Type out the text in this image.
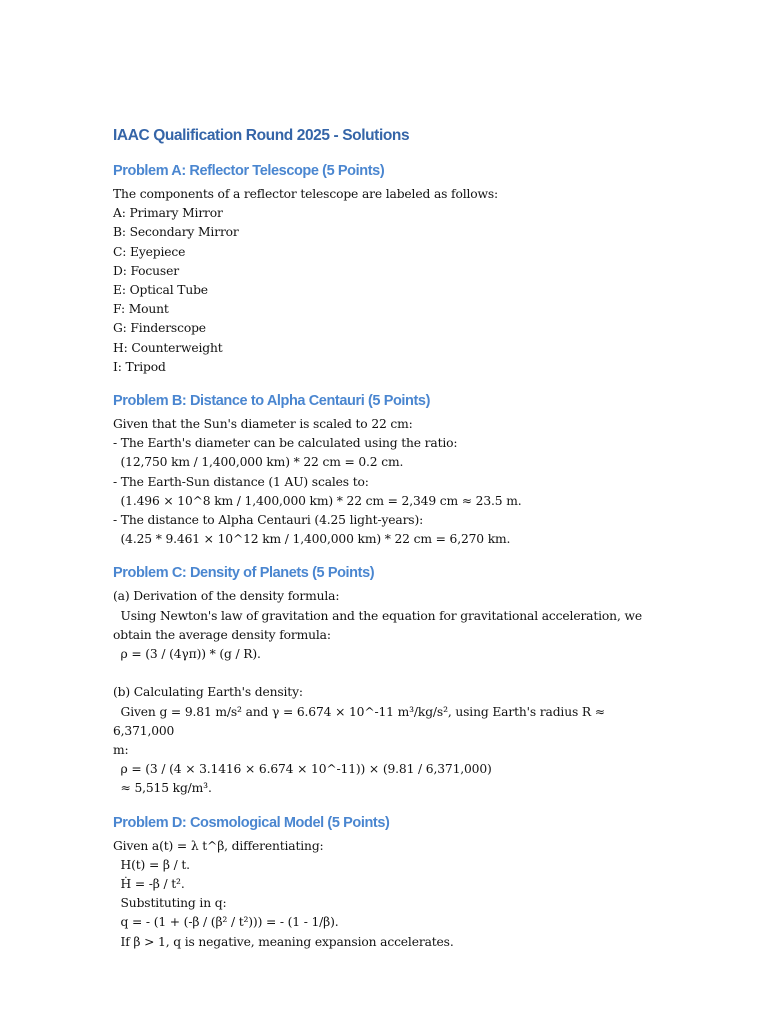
IAAC Qualification Round 2025 - Solutions
Problem A: Reflector Telescope (5 Points)

The components of a reflector telescope are labeled as follows:

A: Primary Mirror

B: Secondary Mirror

C: Eyepiece

D: Focuser

E: Optical Tube

F: Mount

G: Finderscope

H: Counterweight

I: Tripod

Problem B: Distance to Alpha Centauri (5 Points)

Given that the Sun's diameter is scaled to 22 cm:

- The Earth's diameter can be calculated using the ratio:

(12,750 km / 1,400,000 km) * 22 cm = 0.2 cm.

- The Earth-Sun distance (1 AU) scales to:

(1.496 × 10^8 km / 1,400,000 km) * 22 cm = 2,349 cm ≈ 23.5 m.

- The distance to Alpha Centauri (4.25 light-years):

(4.25 * 9.461 × 10^12 km / 1,400,000 km) * 22 cm = 6,270 km.

Problem C: Density of Planets (5 Points)

(a) Derivation of the density formula:

Using Newton's law of gravitation and the equation for gravitational acceleration, we

obtain the average density formula:

ρ = (3 / (4γπ)) * (g / R).

(b) Calculating Earth's density:

Given g = 9.81 m/s² and γ = 6.674 × 10^-11 m³/kg/s², using Earth's radius R ≈ 6,371,000

m:

ρ = (3 / (4 × 3.1416 × 6.674 × 10^-11)) × (9.81 / 6,371,000)

≈ 5,515 kg/m³.

Problem D: Cosmological Model (5 Points)

Given a(t) = λ t^β, differentiating:

H(t) = β / t.

Ḣ = -β / t².

Substituting in q:

q = - (1 + (-β / (β² / t²))) = - (1 - 1/β).

If β > 1, q is negative, meaning expansion accelerates.
